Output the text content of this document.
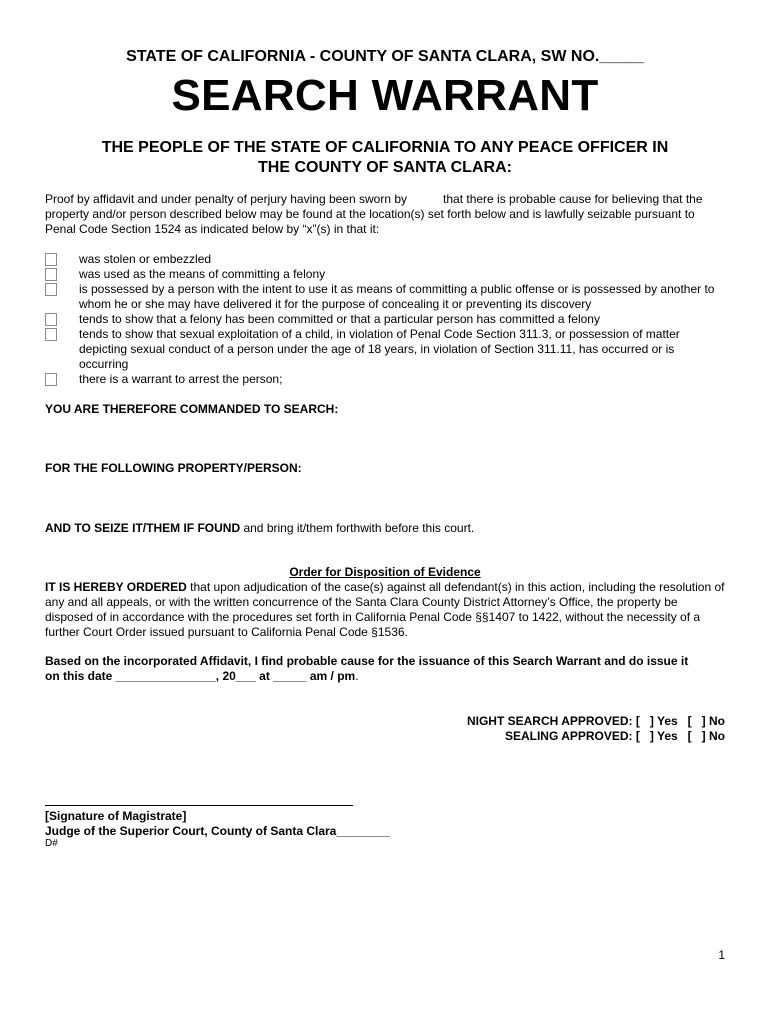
STATE OF CALIFORNIA - COUNTY OF SANTA CLARA, SW NO._____
SEARCH WARRANT
THE PEOPLE OF THE STATE OF CALIFORNIA TO ANY PEACE OFFICER IN
THE COUNTY OF SANTA CLARA:
Proof by affidavit and under penalty of perjury having been sworn by	that there is probable cause for believing that the property and/or person described below may be found at the location(s) set forth below and is lawfully seizable pursuant to Penal Code Section 1524 as indicated below by “x”(s) in that it:
was stolen or embezzled
was used as the means of committing a felony
is possessed by a person with the intent to use it as means of committing a public offense or is possessed by another to whom he or she may have delivered it for the purpose of concealing it or preventing its discovery
tends to show that a felony has been committed or that a particular person has committed a felony
tends to show that sexual exploitation of a child, in violation of Penal Code Section 311.3, or possession of matter depicting sexual conduct of a person under the age of 18 years, in violation of Section 311.11, has occurred or is occurring
there is a warrant to arrest the person;
YOU ARE THEREFORE COMMANDED TO SEARCH:
FOR THE FOLLOWING PROPERTY/PERSON:
AND TO SEIZE IT/THEM IF FOUND and bring it/them forthwith before this court.
Order for Disposition of Evidence
IT IS HEREBY ORDERED that upon adjudication of the case(s) against all defendant(s) in this action, including the resolution of any and all appeals, or with the written concurrence of the Santa Clara County District Attorney’s Office, the property be disposed of in accordance with the procedures set forth in California Penal Code §§1407 to 1422, without the necessity of a further Court Order issued pursuant to California Penal Code §1536.
Based on the incorporated Affidavit, I find probable cause for the issuance of this Search Warrant and do issue it
on this date _______________, 20___ at _____ am / pm.
NIGHT SEARCH APPROVED: [   ] Yes   [   ] No
SEALING APPROVED: [   ] Yes   [   ] No
[Signature of Magistrate]
Judge of the Superior Court, County of Santa Clara________
D#
1
